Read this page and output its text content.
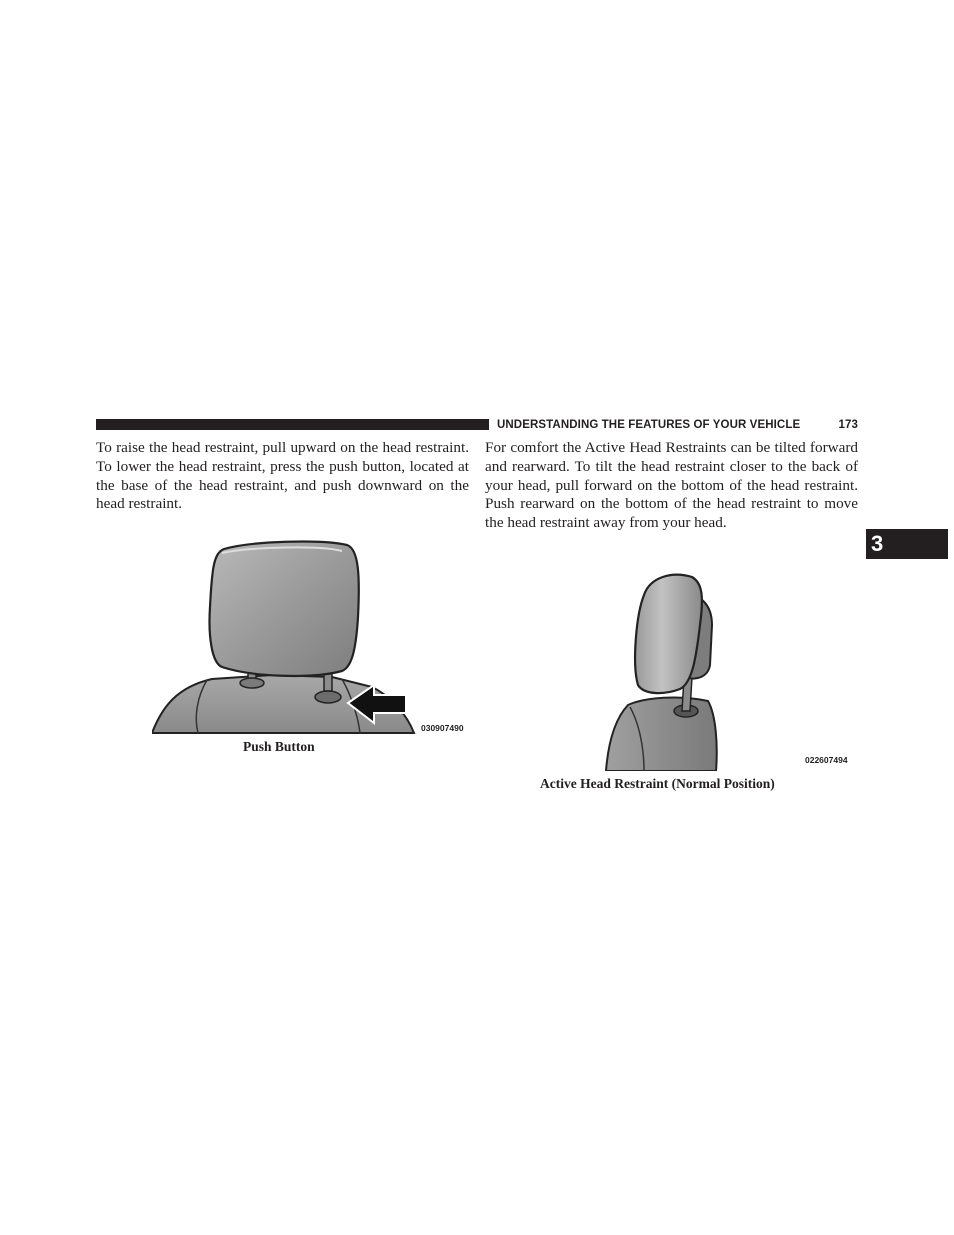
UNDERSTANDING THE FEATURES OF YOUR VEHICLE	173
To raise the head restraint, pull upward on the head restraint. To lower the head restraint, press the push button, located at the base of the head restraint, and push downward on the head restraint.
For comfort the Active Head Restraints can be tilted forward and rearward. To tilt the head restraint closer to the back of your head, pull forward on the bottom of the head restraint. Push rearward on the bottom of the head restraint to move the head restraint away from your head.
3
030907490
Push Button
022607494
Active Head Restraint (Normal Position)
